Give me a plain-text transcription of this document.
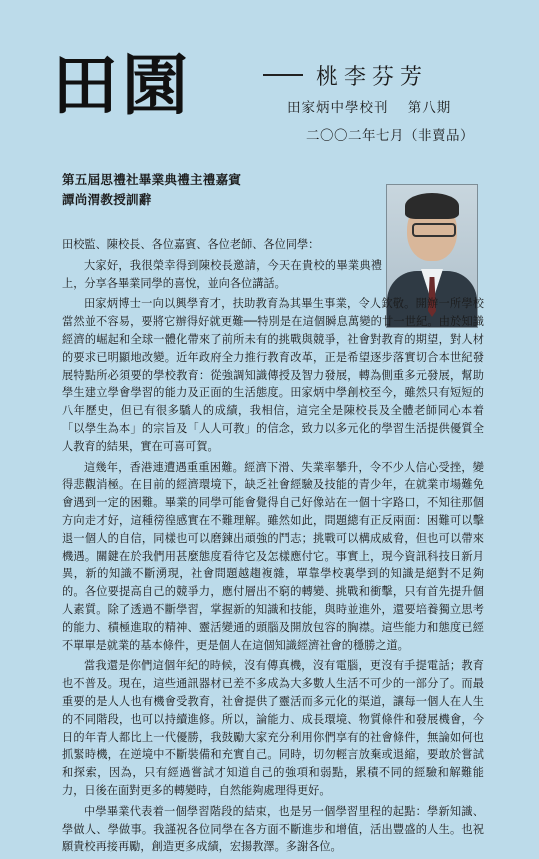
田園	桃李芬芳
田家炳中學校刊 第八期
二〇〇二年七月（非賣品）
第五屆思禮社畢業典禮主禮嘉賓
譚尚渭教授訓辭

田校監、陳校長、各位嘉賓、各位老師、各位同學：

大家好，我很榮幸得到陳校長邀請，今天在貴校的畢業典禮上，分享各畢業同學的喜悅，並向各位講話。

田家炳博士一向以興學育才，扶助教育為其畢生事業，令人欽敬。開辦一所學校當然並不容易，要將它辦得好就更難──特別是在這個瞬息萬變的廿一世紀。由於知識經濟的崛起和全球一體化帶來了前所未有的挑戰與競爭，社會對教育的期望，對人材的要求已明顯地改變。近年政府全力推行教育改革，正是希望逐步落實切合本世紀發展特點所必須要的學校教育：從強調知識傳授及智力發展，轉為側重多元發展，幫助學生建立學會學習的能力及正面的生活態度。田家炳中學創校至今，雖然只有短短的八年歷史，但已有很多驕人的成績，我相信，這完全是陳校長及全體老師同心本着「以學生為本」的宗旨及「人人可教」的信念，致力以多元化的學習生活提供優質全人教育的結果，實在可喜可賀。

這幾年，香港連遭遇重重困難。經濟下滑、失業率攀升，令不少人信心受挫，變得悲觀消極。在目前的經濟環境下，缺乏社會經驗及技能的青少年，在就業市場難免會遇到一定的困難。畢業的同學可能會覺得自己好像站在一個十字路口，不知往那個方向走才好，這種徬徨感實在不難理解。雖然如此，問題總有正反兩面：困難可以擊退一個人的自信，同樣也可以磨鍊出頑強的鬥志；挑戰可以構成威脅，但也可以帶來機遇。關鍵在於我們用甚麼態度看待它及怎樣應付它。事實上，現今資訊科技日新月異，新的知識不斷湧現，社會問題越趨複雜，單靠學校裏學到的知識是絕對不足夠的。各位要提高自己的競爭力，應付層出不窮的轉變、挑戰和衝擊，只有首先提升個人素質。除了透過不斷學習，掌握新的知識和技能，與時並進外，還要培養獨立思考的能力、積極進取的精神、靈活變通的頭腦及開放包容的胸襟。這些能力和態度已經不單單是就業的基本條件，更是個人在這個知識經濟社會的穩勝之道。

當我還是你們這個年紀的時候，沒有傳真機，沒有電腦，更沒有手提電話；教育也不普及。現在，這些通訊器材已差不多成為大多數人生活不可少的一部分了。而最重要的是人人也有機會受教育，社會提供了靈活而多元化的渠道，讓每一個人在人生的不同階段，也可以持續進修。所以，論能力、成長環境、物質條件和發展機會，今日的年青人都比上一代優勝，我鼓勵大家充分利用你們享有的社會條件，無論如何也抓緊時機，在逆境中不斷裝備和充實自己。同時，切勿輕言放棄或退縮，要敢於嘗試和探索，因為，只有經過嘗試才知道自己的強項和弱點，累積不同的經驗和解難能力，日後在面對更多的轉變時，自然能夠處理得更好。

中學畢業代表着一個學習階段的結束，也是另一個學習里程的起點：學新知識、學做人、學做事。我謹祝各位同學在各方面不斷進步和增值，活出豐盛的人生。也祝願貴校再接再勵，創造更多成績，宏揚教澤。多謝各位。
